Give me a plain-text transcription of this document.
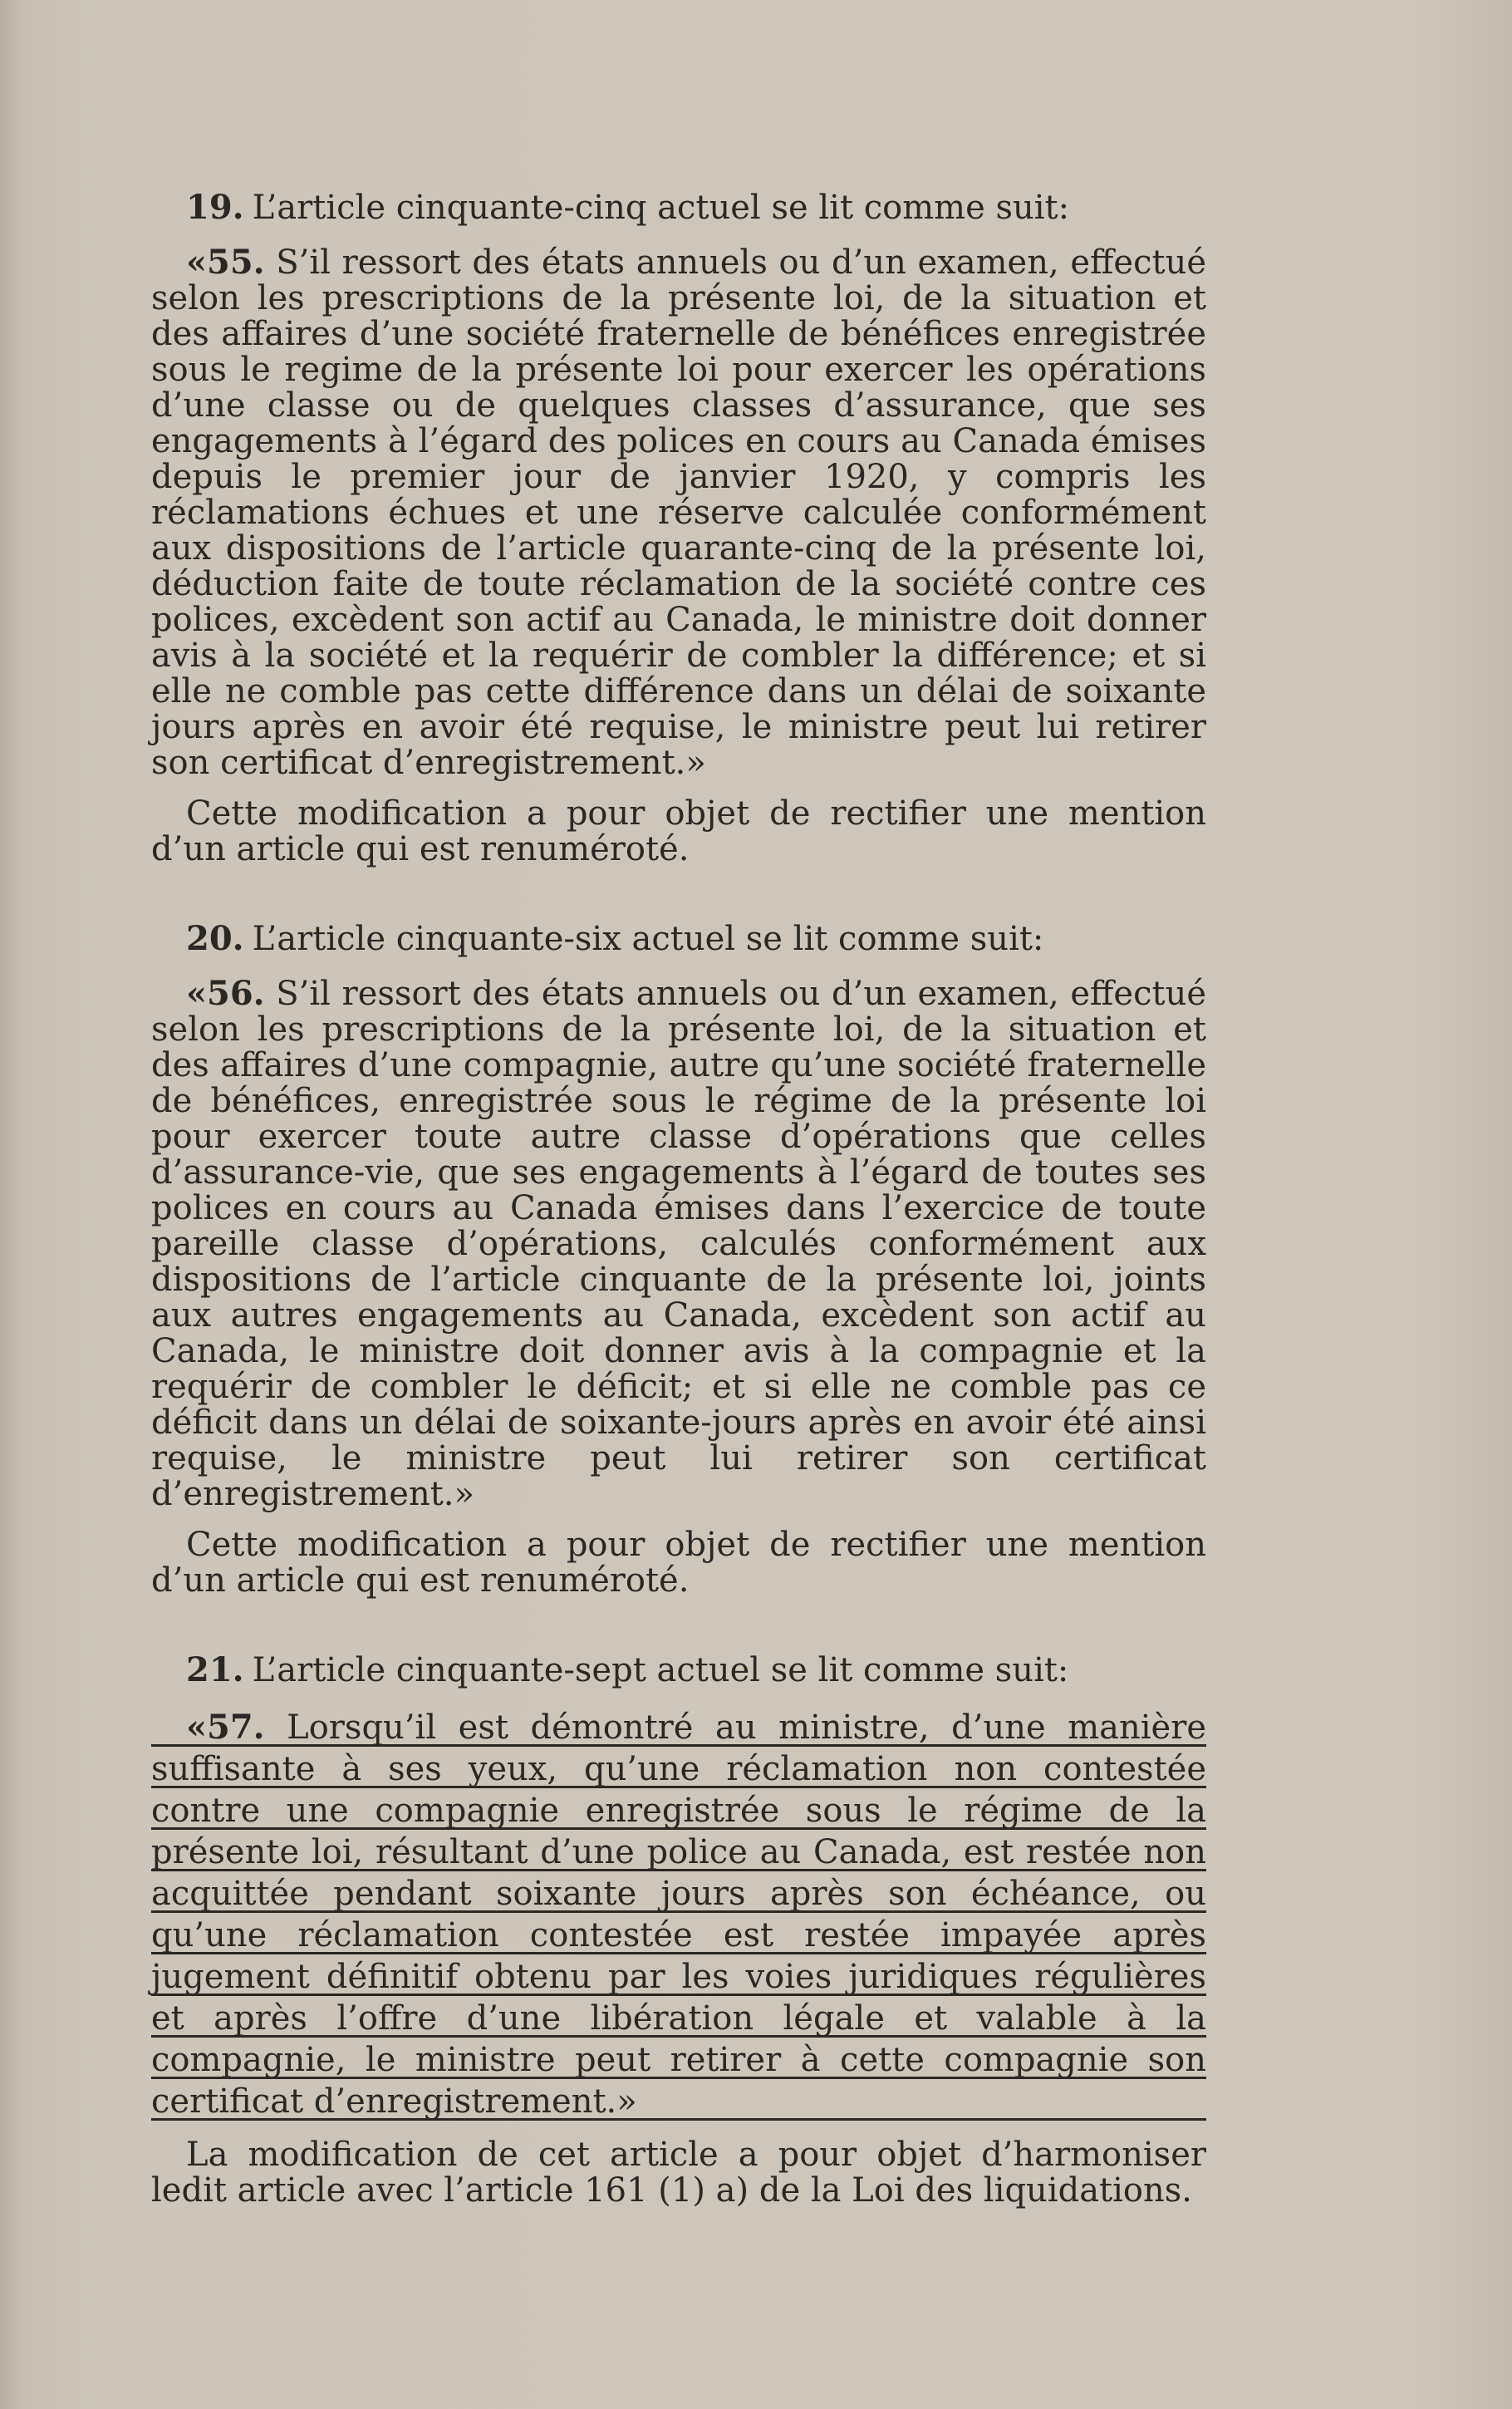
19. L’article cinquante-cinq actuel se lit comme suit:

«55. S’il ressort des états annuels ou d’un examen, effectué selon les prescriptions de la présente loi, de la situation et des affaires d’une société fraternelle de bénéfices enregistrée sous le regime de la présente loi pour exercer les opérations d’une classe ou de quelques classes d’assurance, que ses engagements à l’égard des polices en cours au Canada émises depuis le premier jour de janvier 1920, y compris les réclamations échues et une réserve calculée conformément aux dispositions de l’article quarante-cinq de la présente loi, déduction faite de toute réclamation de la société contre ces polices, excèdent son actif au Canada, le ministre doit donner avis à la société et la requérir de combler la différence; et si elle ne comble pas cette différence dans un délai de soixante jours après en avoir été requise, le ministre peut lui retirer son certificat d’enregistrement.»

Cette modification a pour objet de rectifier une mention d’un article qui est renuméroté.

20. L’article cinquante-six actuel se lit comme suit:

«56. S’il ressort des états annuels ou d’un examen, effectué selon les prescriptions de la présente loi, de la situation et des affaires d’une compagnie, autre qu’une société fraternelle de bénéfices, enregistrée sous le régime de la présente loi pour exercer toute autre classe d’opérations que celles d’assurance-vie, que ses engagements à l’égard de toutes ses polices en cours au Canada émises dans l’exercice de toute pareille classe d’opérations, calculés conformément aux dispositions de l’article cinquante de la présente loi, joints aux autres engagements au Canada, excèdent son actif au Canada, le ministre doit donner avis à la compagnie et la requérir de combler le déficit; et si elle ne comble pas ce déficit dans un délai de soixante-jours après en avoir été ainsi requise, le ministre peut lui retirer son certificat d’enregistrement.»

Cette modification a pour objet de rectifier une mention d’un article qui est renuméroté.

21. L’article cinquante-sept actuel se lit comme suit:

«57. Lorsqu’il est démontré au ministre, d’une manière suffisante à ses yeux, qu’une réclamation non contestée contre une compagnie enregistrée sous le régime de la présente loi, résultant d’une police au Canada, est restée non acquittée pendant soixante jours après son échéance, ou qu’une réclamation contestée est restée impayée après jugement définitif obtenu par les voies juridiques régulières et après l’offre d’une libération légale et valable à la compagnie, le ministre peut retirer à cette compagnie son certificat d’enregistrement.»

La modification de cet article a pour objet d’harmoniser ledit article avec l’article 161 (1) a) de la Loi des liquidations.
